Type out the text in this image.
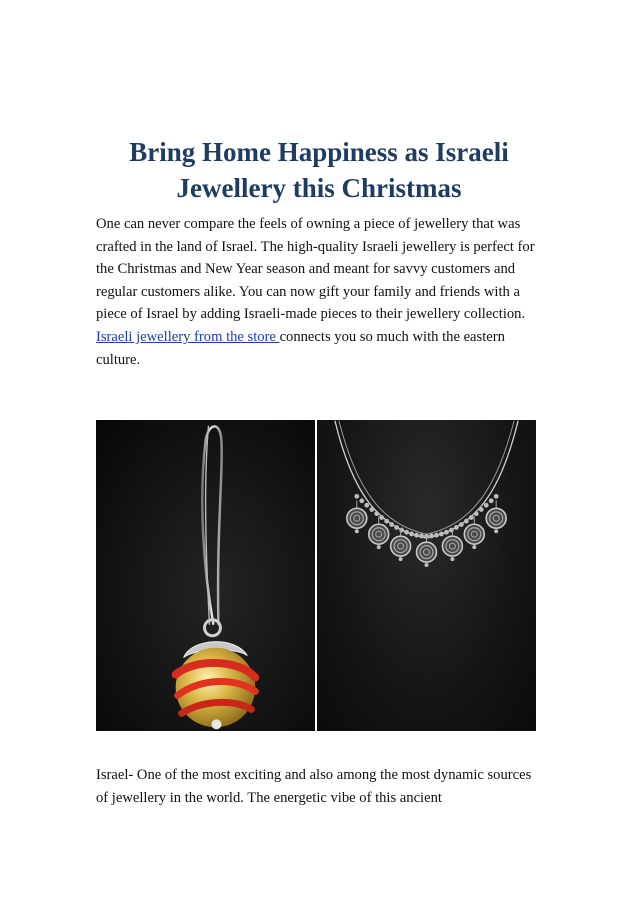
Bring Home Happiness as Israeli
Jewellery this Christmas

One can never compare the feels of owning a piece of jewellery that was crafted in the land of Israel. The high-quality Israeli jewellery is perfect for the Christmas and New Year season and meant for savvy customers and regular customers alike. You can now gift your family and friends with a piece of Israel by adding Israeli-made pieces to their jewellery collection. Israeli jewellery from the store connects you so much with the eastern culture.

Israel- One of the most exciting and also among the most dynamic sources of jewellery in the world. The energetic vibe of this ancient
